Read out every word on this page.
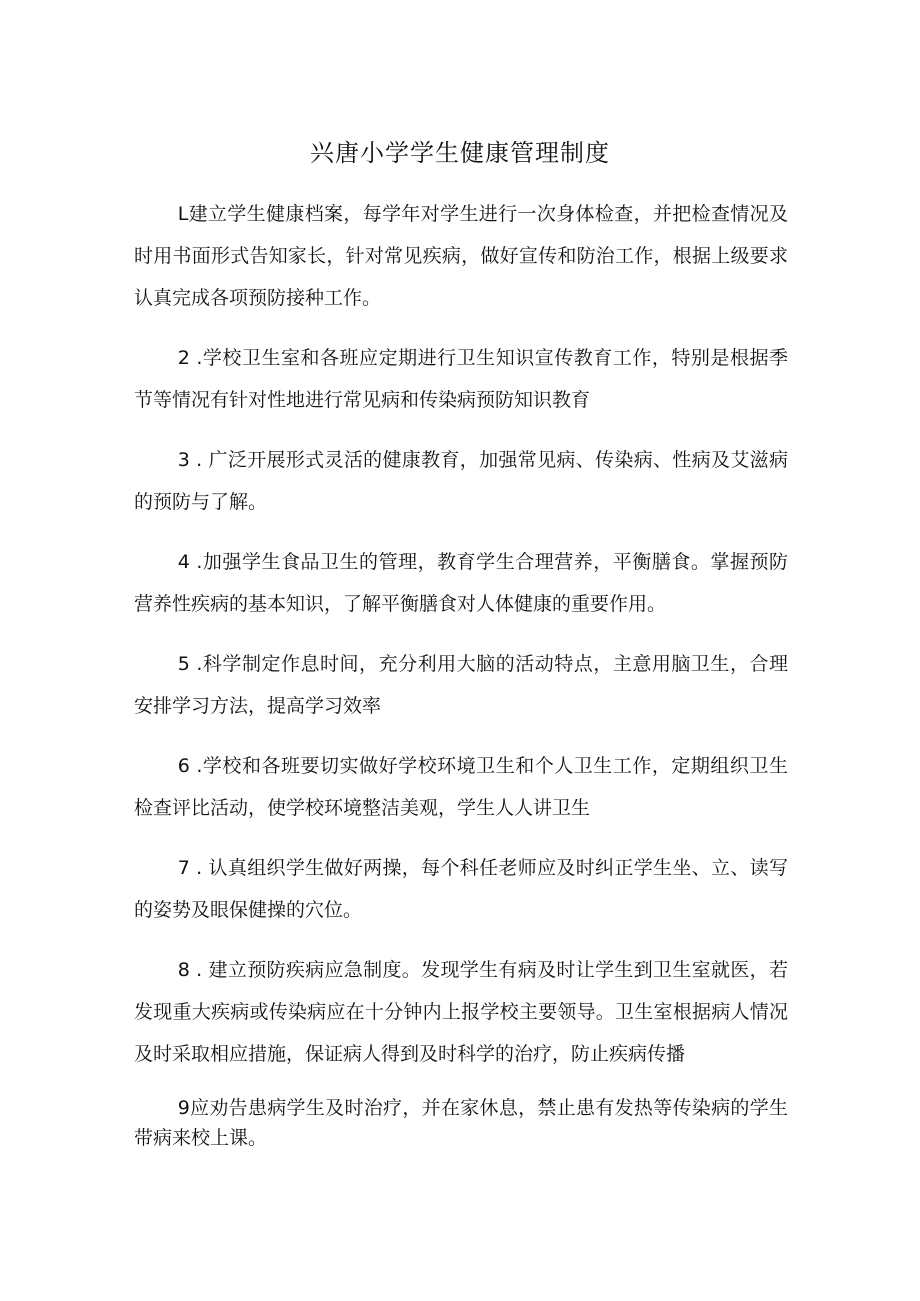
兴唐小学学生健康管理制度

L建立学生健康档案，每学年对学生进行一次身体检查，并把检查情况及时用书面形式告知家长，针对常见疾病，做好宣传和防治工作，根据上级要求认真完成各项预防接种工作。

2 .学校卫生室和各班应定期进行卫生知识宣传教育工作，特别是根据季节等情况有针对性地进行常见病和传染病预防知识教育

3 . 广泛开展形式灵活的健康教育，加强常见病、传染病、性病及艾滋病的预防与了解。

4 .加强学生食品卫生的管理，教育学生合理营养，平衡膳食。掌握预防营养性疾病的基本知识，了解平衡膳食对人体健康的重要作用。

5 .科学制定作息时间，充分利用大脑的活动特点，主意用脑卫生，合理安排学习方法，提高学习效率

6 .学校和各班要切实做好学校环境卫生和个人卫生工作，定期组织卫生检查评比活动，使学校环境整洁美观，学生人人讲卫生

7 . 认真组织学生做好两操，每个科任老师应及时纠正学生坐、立、读写的姿势及眼保健操的穴位。

8 . 建立预防疾病应急制度。发现学生有病及时让学生到卫生室就医，若发现重大疾病或传染病应在十分钟内上报学校主要领导。卫生室根据病人情况及时采取相应措施，保证病人得到及时科学的治疗，防止疾病传播

9应劝告患病学生及时治疗，并在家休息，禁止患有发热等传染病的学生带病来校上课。
